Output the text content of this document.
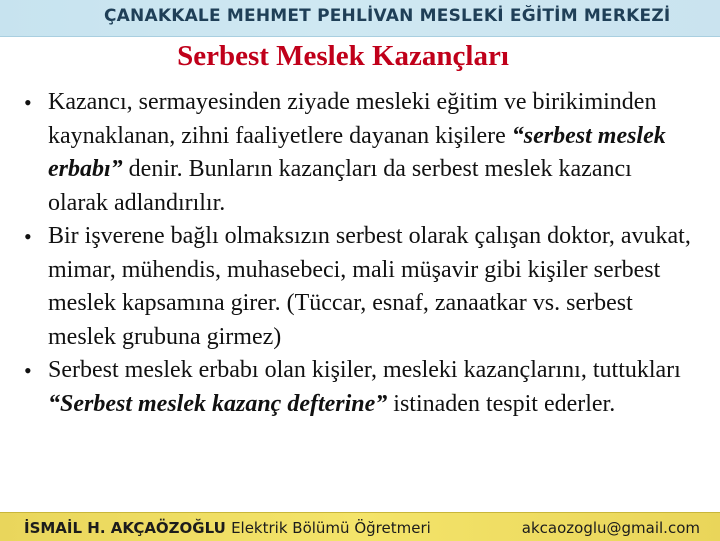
ÇANAKKALE MEHMET PEHLİVAN MESLEKİ EĞİTİM MERKEZİ
Serbest Meslek Kazançları
• Kazancı, sermayesinden ziyade mesleki eğitim ve birikiminden kaynaklanan, zihni faaliyetlere dayanan kişilere “serbest meslek erbabı” denir. Bunların kazançları da serbest meslek kazancı olarak adlandırılır.
• Bir işverene bağlı olmaksızın serbest olarak çalışan doktor, avukat, mimar, mühendis, muhasebeci, mali müşavir gibi kişiler serbest meslek kapsamına girer. (Tüccar, esnaf, zanaatkar vs. serbest meslek grubuna girmez)
• Serbest meslek erbabı olan kişiler, mesleki kazançlarını, tuttukları “Serbest meslek kazanç defterine” istinaden tespit ederler.
İSMAİL H. AKÇAÖZOĞLU Elektrik Bölümü Öğretmeri	akcaozoglu@gmail.com
